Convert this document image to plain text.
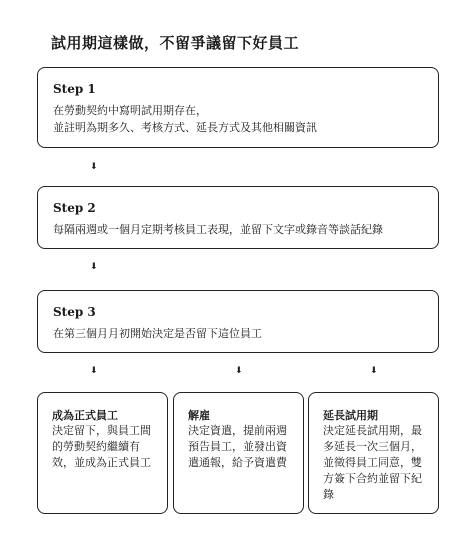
試用期這樣做，不留爭議留下好員工
Step 1
在勞動契約中寫明試用期存在，
並註明為期多久、考核方式、延長方式及其他相關資訊
⬇
Step 2
每隔兩週或一個月定期考核員工表現，並留下文字或錄音等談話紀錄
⬇
Step 3
在第三個月月初開始決定是否留下這位員工
⬇	⬇	⬇
成為正式員工
決定留下，與員工間的勞動契約繼續有效，並成為正式員工
解雇
決定資遣，提前兩週預告員工，並發出資遣通報，給予資遣費
延長試用期
決定延長試用期，最多延長一次三個月，並徵得員工同意，雙方簽下合約並留下紀錄
